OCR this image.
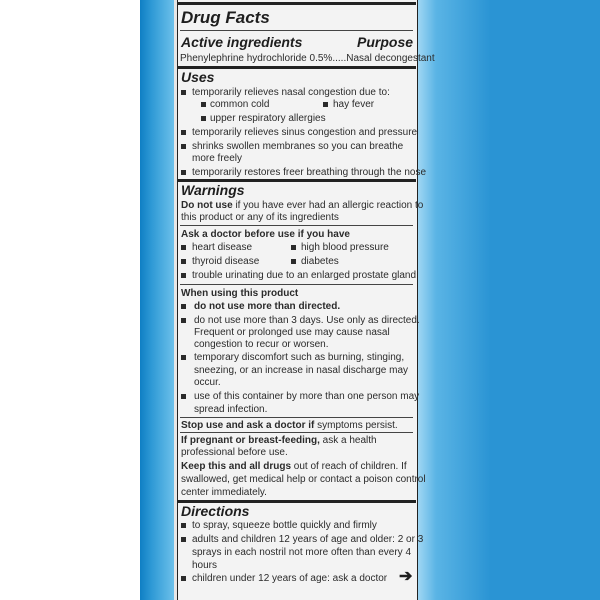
Drug Facts
Active ingredients	Purpose
Phenylephrine hydrochloride 0.5%.....Nasal decongestant
Uses
temporarily relieves nasal congestion due to:
common cold	hay fever
upper respiratory allergies
temporarily relieves sinus congestion and pressure
shrinks swollen membranes so you can breathe
more freely
temporarily restores freer breathing through the nose
Warnings
Do not use if you have ever had an allergic reaction to
this product or any of its ingredients
Ask a doctor before use if you have
heart disease	high blood pressure
thyroid disease	diabetes
trouble urinating due to an enlarged prostate gland
When using this product
do not use more than directed.
do not use more than 3 days. Use only as directed.
Frequent or prolonged use may cause nasal
congestion to recur or worsen.
temporary discomfort such as burning, stinging,
sneezing, or an increase in nasal discharge may
occur.
use of this container by more than one person may
spread infection.
Stop use and ask a doctor if symptoms persist.
If pregnant or breast-feeding, ask a health
professional before use.
Keep this and all drugs out of reach of children. If
swallowed, get medical help or contact a poison control
center immediately.
Directions
to spray, squeeze bottle quickly and firmly
adults and children 12 years of age and older: 2 or 3
sprays in each nostril not more often than every 4
hours
children under 12 years of age: ask a doctor ➔
